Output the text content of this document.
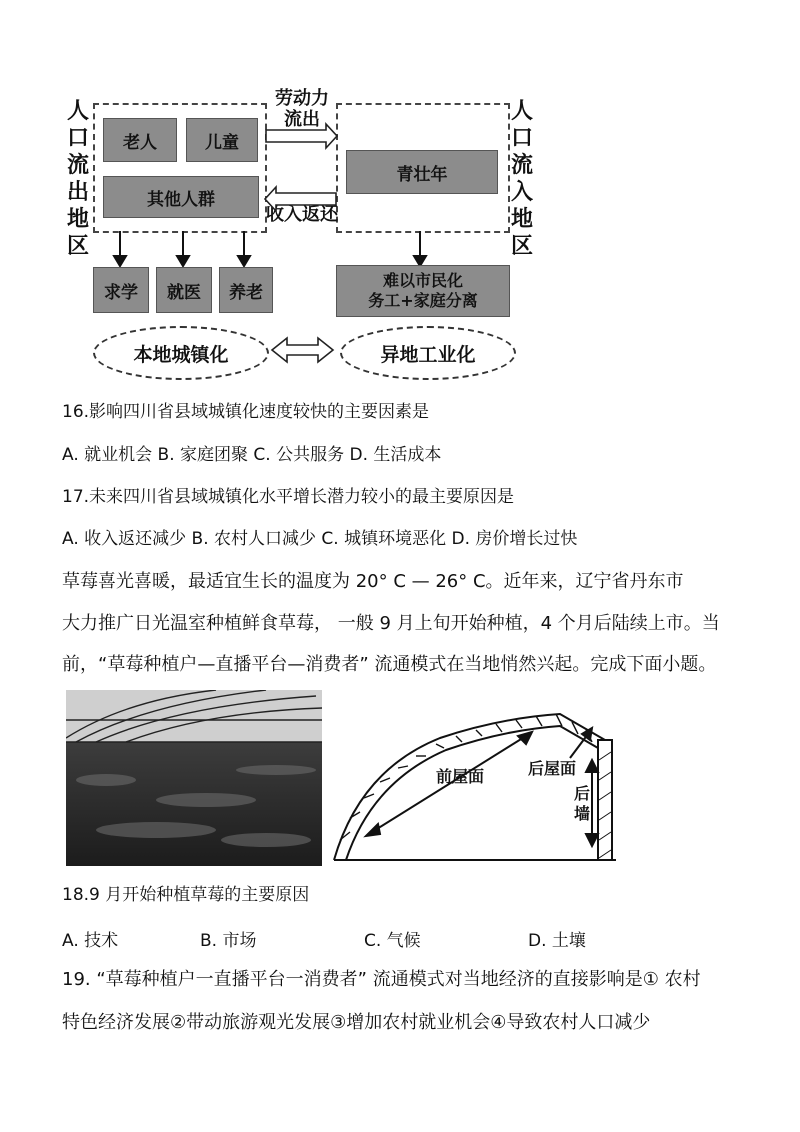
人口流出地区
人口流入地区
老人	儿童
其他人群
青壮年
劳动力流出
收入返还
求学	就医	养老
难以市民化
务工+家庭分离
本地城镇化	异地工业化
16.影响四川省县域城镇化速度较快的主要因素是
A. 就业机会 B. 家庭团聚 C. 公共服务 D. 生活成本
17.未来四川省县域城镇化水平增长潜力较小的最主要原因是
A. 收入返还减少 B. 农村人口减少 C. 城镇环境恶化 D. 房价增长过快
草莓喜光喜暖，最适宜生长的温度为 20° C — 26° C。近年来，辽宁省丹东市
大力推广日光温室种植鲜食草莓， 一般 9 月上旬开始种植，4 个月后陆续上市。当
前，“草莓种植户—直播平台—消费者” 流通模式在当地悄然兴起。完成下面小题。
前屋面	后屋面
后墙
18.9 月开始种植草莓的主要原因
A. 技术	B. 市场	C. 气候	D. 土壤
19. “草莓种植户一直播平台一消费者” 流通模式对当地经济的直接影响是① 农村
特色经济发展②带动旅游观光发展③增加农村就业机会④导致农村人口减少
